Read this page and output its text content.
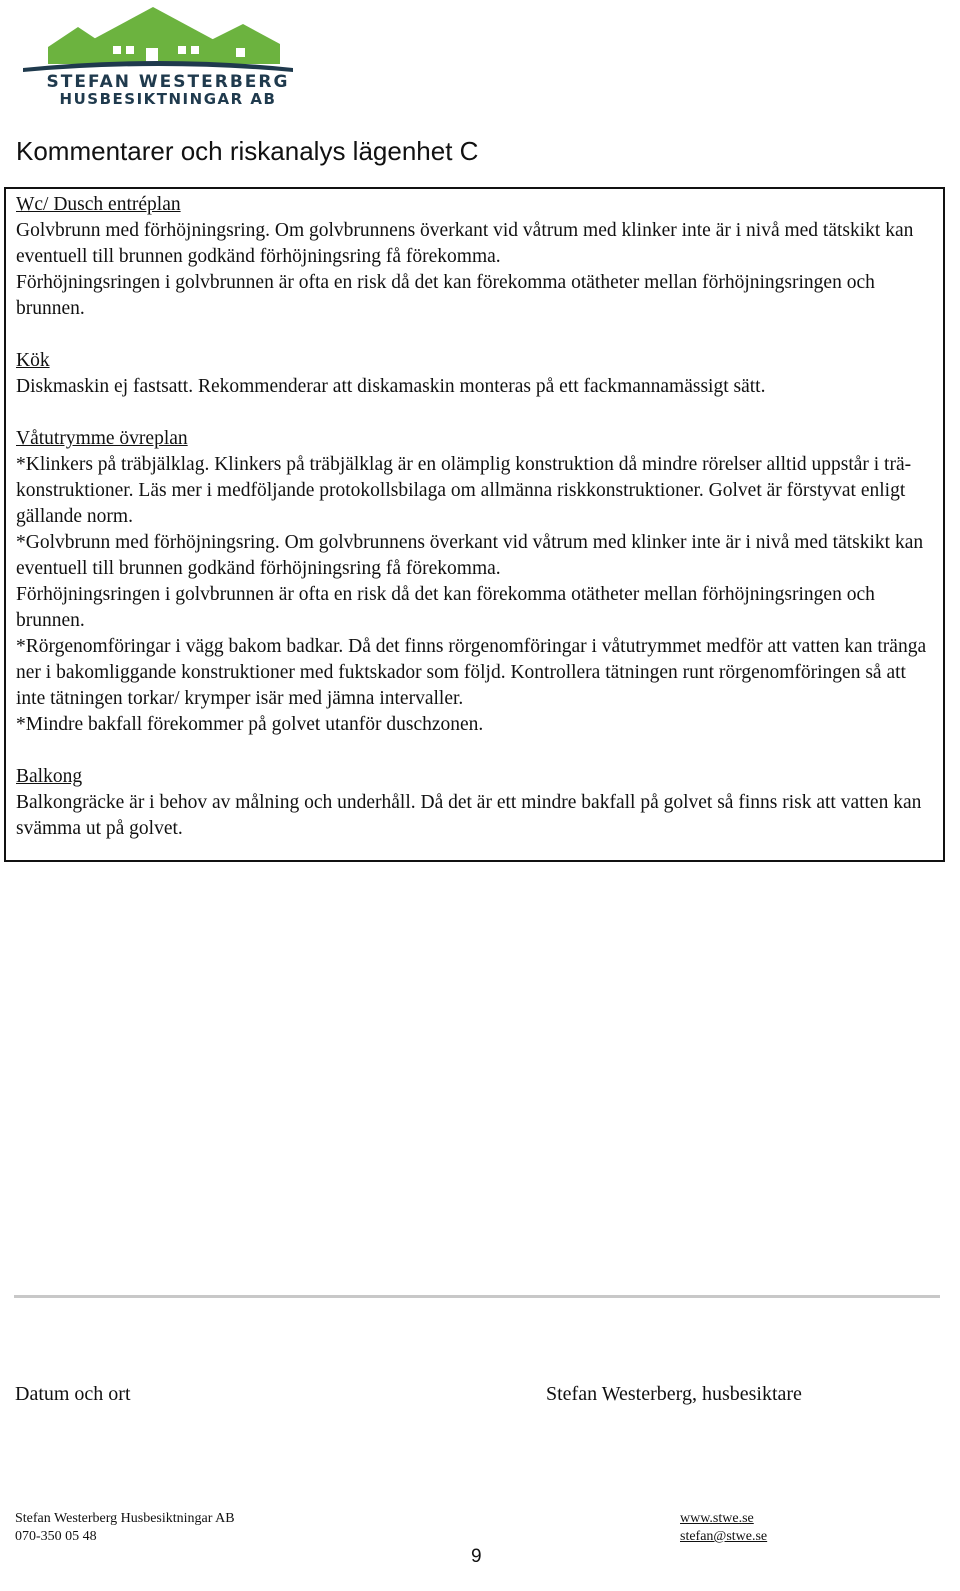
STEFAN WESTERBERG
HUSBESIKTNINGAR AB
Kommentarer och riskanalys lägenhet C
Wc/ Dusch entréplan

Golvbrunn med förhöjningsring. Om golvbrunnens överkant vid våtrum med klinker inte är i nivå med tätskikt kan eventuell till brunnen godkänd förhöjningsring få förekomma.

Förhöjningsringen i golvbrunnen är ofta en risk då det kan förekomma otätheter mellan förhöjningsringen och brunnen.

Kök

Diskmaskin ej fastsatt. Rekommenderar att diskamaskin monteras på ett fackmannamässigt sätt.

Våtutrymme övreplan

*Klinkers på träbjälklag. Klinkers på träbjälklag är en olämplig konstruktion då mindre rörelser alltid uppstår i trä- konstruktioner. Läs mer i medföljande protokollsbilaga om allmänna riskkonstruktioner. Golvet är förstyvat enligt gällande norm.

*Golvbrunn med förhöjningsring. Om golvbrunnens överkant vid våtrum med klinker inte är i nivå med tätskikt kan eventuell till brunnen godkänd förhöjningsring få förekomma.

Förhöjningsringen i golvbrunnen är ofta en risk då det kan förekomma otätheter mellan förhöjningsringen och brunnen.

*Rörgenomföringar i vägg bakom badkar. Då det finns rörgenomföringar i våtutrymmet medför att vatten kan tränga ner i bakomliggande konstruktioner med fuktskador som följd. Kontrollera tätningen runt rörgenomföringen så att inte tätningen torkar/ krymper isär med jämna intervaller.

*Mindre bakfall förekommer på golvet utanför duschzonen.

Balkong

Balkongräcke är i behov av målning och underhåll. Då det är ett mindre bakfall på golvet så finns risk att vatten kan svämma ut på golvet.

Datum och ort	Stefan Westerberg, husbesiktare
Stefan Westerberg Husbesiktningar AB
070-350 05 48
www.stwe.se
stefan@stwe.se
9
